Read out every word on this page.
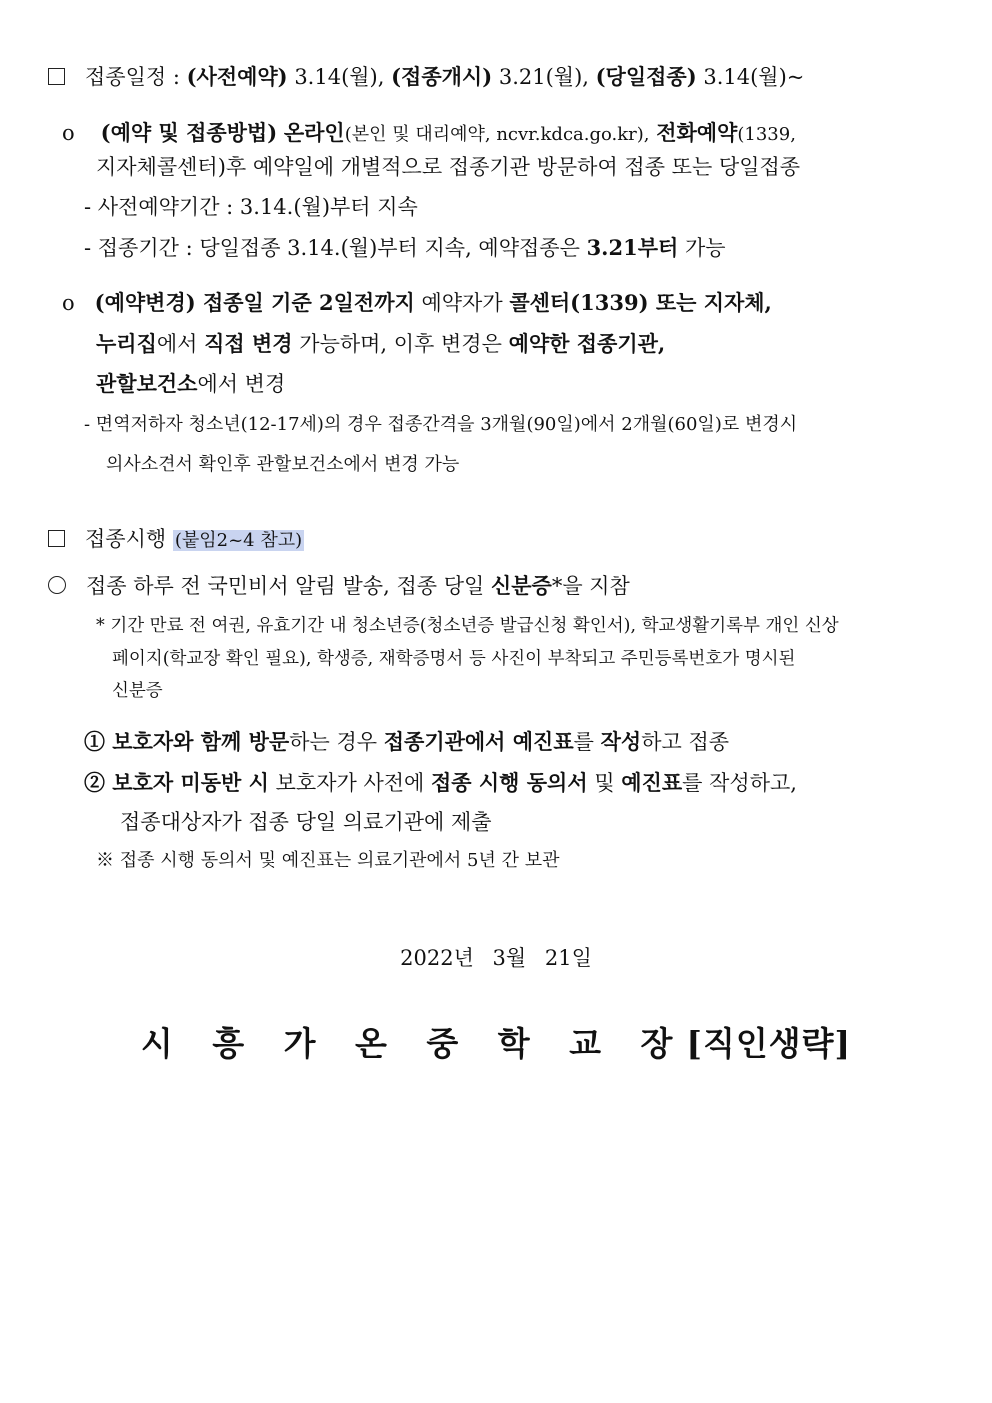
접종일정 : (사전예약) 3.14(월), (접종개시) 3.21(월), (당일접종) 3.14(월)~
o (예약 및 접종방법) 온라인(본인 및 대리예약, ncvr.kdca.go.kr), 전화예약(1339,
지자체콜센터)후 예약일에 개별적으로 접종기관 방문하여 접종 또는 당일접종
- 사전예약기간 : 3.14.(월)부터 지속
- 접종기간 : 당일접종 3.14.(월)부터 지속, 예약접종은 3.21부터 가능
o (예약변경) 접종일 기준 2일전까지 예약자가 콜센터(1339) 또는 지자체,
누리집에서 직접 변경 가능하며, 이후 변경은 예약한 접종기관,
관할보건소에서 변경
- 면역저하자 청소년(12-17세)의 경우 접종간격을 3개월(90일)에서 2개월(60일)로 변경시
의사소견서 확인후 관할보건소에서 변경 가능
접종시행 (붙임2~4 참고)
접종 하루 전 국민비서 알림 발송, 접종 당일 신분증*을 지참
* 기간 만료 전 여권, 유효기간 내 청소년증(청소년증 발급신청 확인서), 학교생활기록부 개인 신상
페이지(학교장 확인 필요), 학생증, 재학증명서 등 사진이 부착되고 주민등록번호가 명시된
신분증
① 보호자와 함께 방문하는 경우 접종기관에서 예진표를 작성하고 접종
② 보호자 미동반 시 보호자가 사전에 접종 시행 동의서 및 예진표를 작성하고,
접종대상자가 접종 당일 의료기관에 제출
※ 접종 시행 동의서 및 예진표는 의료기관에서 5년 간 보관
2022년 3월 21일
시 흥 가 온 중 학 교 장[직인생략]
